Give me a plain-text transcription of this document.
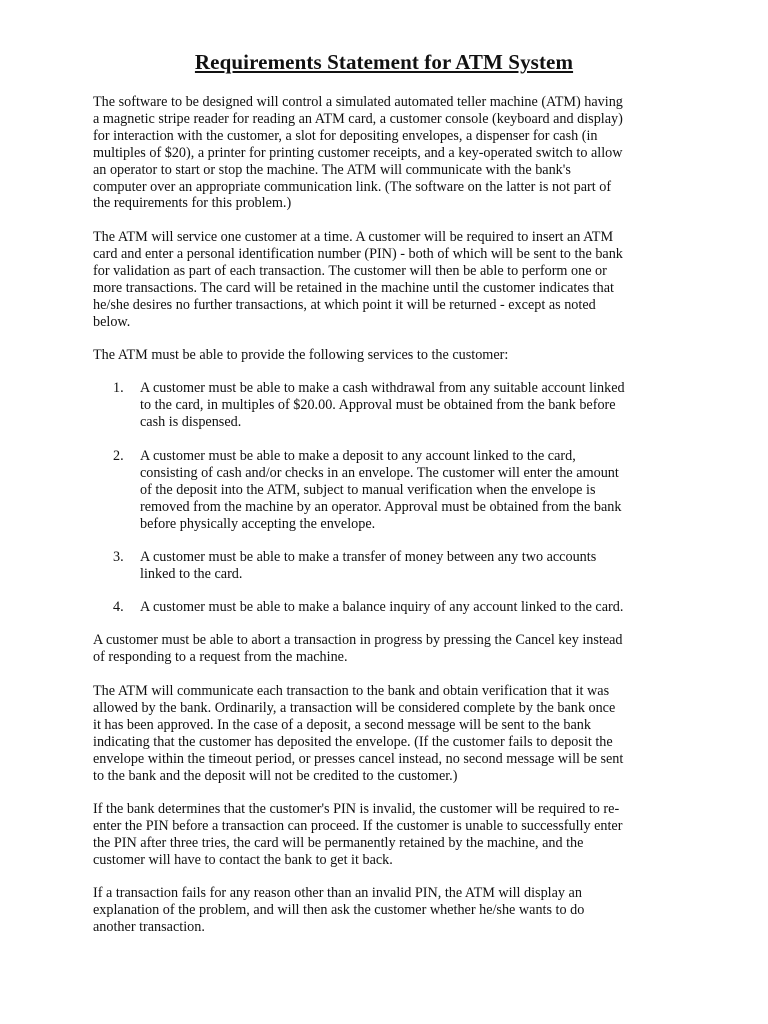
Requirements Statement for ATM System
The software to be designed will control a simulated automated teller machine (ATM) having
a magnetic stripe reader for reading an ATM card, a customer console (keyboard and display)
for interaction with the customer, a slot for depositing envelopes, a dispenser for cash (in
multiples of $20), a printer for printing customer receipts, and a key-operated switch to allow
an operator to start or stop the machine. The ATM will communicate with the bank's
computer over an appropriate communication link. (The software on the latter is not part of
the requirements for this problem.)
The ATM will service one customer at a time. A customer will be required to insert an ATM
card and enter a personal identification number (PIN) - both of which will be sent to the bank
for validation as part of each transaction. The customer will then be able to perform one or
more transactions. The card will be retained in the machine until the customer indicates that
he/she desires no further transactions, at which point it will be returned - except as noted
below.
The ATM must be able to provide the following services to the customer:
1.	A customer must be able to make a cash withdrawal from any suitable account linked
to the card, in multiples of $20.00. Approval must be obtained from the bank before
cash is dispensed.
2.	A customer must be able to make a deposit to any account linked to the card,
consisting of cash and/or checks in an envelope. The customer will enter the amount
of the deposit into the ATM, subject to manual verification when the envelope is
removed from the machine by an operator. Approval must be obtained from the bank
before physically accepting the envelope.
3.	A customer must be able to make a transfer of money between any two accounts
linked to the card.
4.	A customer must be able to make a balance inquiry of any account linked to the card.
A customer must be able to abort a transaction in progress by pressing the Cancel key instead
of responding to a request from the machine.
The ATM will communicate each transaction to the bank and obtain verification that it was
allowed by the bank. Ordinarily, a transaction will be considered complete by the bank once
it has been approved. In the case of a deposit, a second message will be sent to the bank
indicating that the customer has deposited the envelope. (If the customer fails to deposit the
envelope within the timeout period, or presses cancel instead, no second message will be sent
to the bank and the deposit will not be credited to the customer.)
If the bank determines that the customer's PIN is invalid, the customer will be required to re-
enter the PIN before a transaction can proceed. If the customer is unable to successfully enter
the PIN after three tries, the card will be permanently retained by the machine, and the
customer will have to contact the bank to get it back.
If a transaction fails for any reason other than an invalid PIN, the ATM will display an
explanation of the problem, and will then ask the customer whether he/she wants to do
another transaction.
